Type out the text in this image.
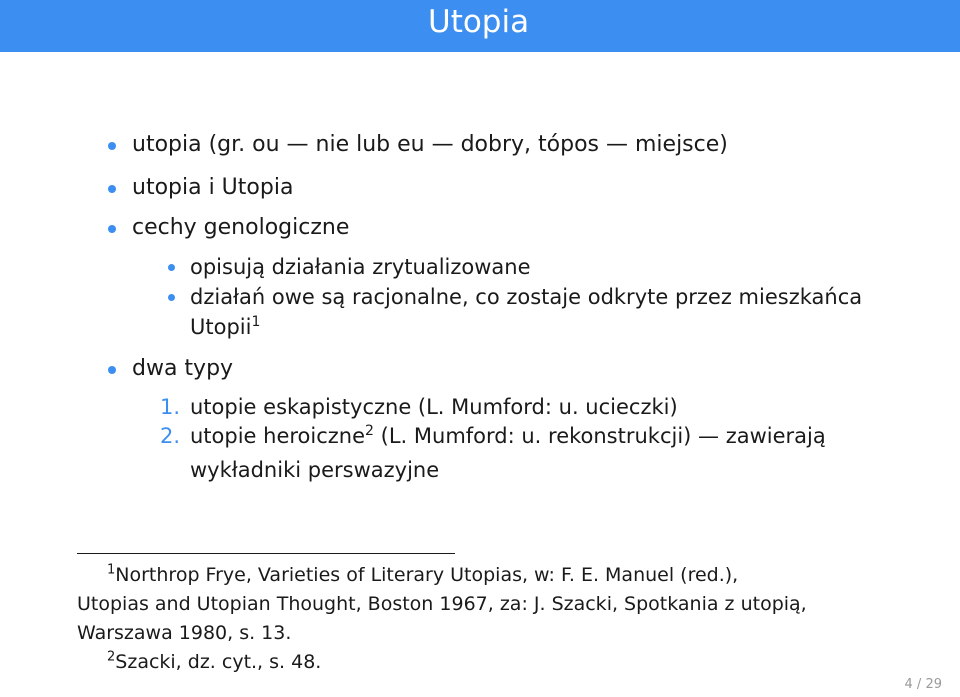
Utopia
utopia (gr. ou — nie lub eu — dobry, tópos — miejsce)
utopia i Utopia
cechy genologiczne
opisują działania zrytualizowane
działań owe są racjonalne, co zostaje odkryte przez mieszkańca
Utopii$^1$
dwa typy
1. utopie eskapistyczne (L. Mumford: u. ucieczki)
2. utopie heroiczne$^2$ (L. Mumford: u. rekonstrukcji) — zawierają
wykładniki perswazyjne
$^1$Northrop Frye, Varieties of Literary Utopias, w: F. E. Manuel (red.),
Utopias and Utopian Thought, Boston 1967, za: J. Szacki, Spotkania z utopią,
Warszawa 1980, s. 13.
$^2$Szacki, dz. cyt., s. 48.
4 / 29
